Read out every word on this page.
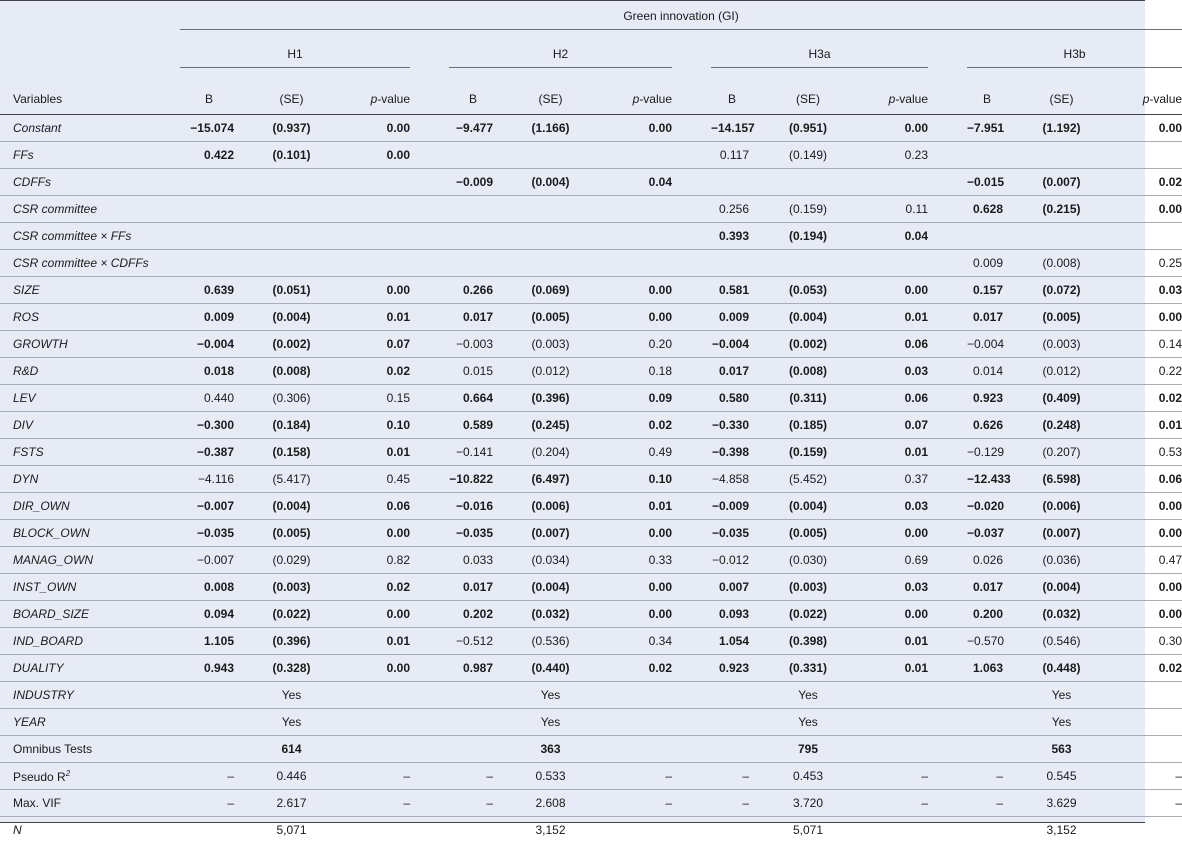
	Green innovation (GI)														

	H1				H2				H3a				H3b		

Variables	B	(SE)	p-value		B	(SE)	p-value		B	(SE)	p-value		B	(SE)	p-value
Constant	−15.074	(0.937)	0.00		−9.477	(1.166)	0.00		−14.157	(0.951)	0.00		−7.951	(1.192)	0.00
FFs	0.422	(0.101)	0.00						0.117	(0.149)	0.23				
CDFFs					−0.009	(0.004)	0.04						−0.015	(0.007)	0.02
CSR committee									0.256	(0.159)	0.11		0.628	(0.215)	0.00
CSR committee × FFs									0.393	(0.194)	0.04				
CSR committee × CDFFs													0.009	(0.008)	0.25
SIZE	0.639	(0.051)	0.00		0.266	(0.069)	0.00		0.581	(0.053)	0.00		0.157	(0.072)	0.03
ROS	0.009	(0.004)	0.01		0.017	(0.005)	0.00		0.009	(0.004)	0.01		0.017	(0.005)	0.00
GROWTH	−0.004	(0.002)	0.07		−0.003	(0.003)	0.20		−0.004	(0.002)	0.06		−0.004	(0.003)	0.14
R&D	0.018	(0.008)	0.02		0.015	(0.012)	0.18		0.017	(0.008)	0.03		0.014	(0.012)	0.22
LEV	0.440	(0.306)	0.15		0.664	(0.396)	0.09		0.580	(0.311)	0.06		0.923	(0.409)	0.02
DIV	−0.300	(0.184)	0.10		0.589	(0.245)	0.02		−0.330	(0.185)	0.07		0.626	(0.248)	0.01
FSTS	−0.387	(0.158)	0.01		−0.141	(0.204)	0.49		−0.398	(0.159)	0.01		−0.129	(0.207)	0.53
DYN	−4.116	(5.417)	0.45		−10.822	(6.497)	0.10		−4.858	(5.452)	0.37		−12.433	(6.598)	0.06
DIR_OWN	−0.007	(0.004)	0.06		−0.016	(0.006)	0.01		−0.009	(0.004)	0.03		−0.020	(0.006)	0.00
BLOCK_OWN	−0.035	(0.005)	0.00		−0.035	(0.007)	0.00		−0.035	(0.005)	0.00		−0.037	(0.007)	0.00
MANAG_OWN	−0.007	(0.029)	0.82		0.033	(0.034)	0.33		−0.012	(0.030)	0.69		0.026	(0.036)	0.47
INST_OWN	0.008	(0.003)	0.02		0.017	(0.004)	0.00		0.007	(0.003)	0.03		0.017	(0.004)	0.00
BOARD_SIZE	0.094	(0.022)	0.00		0.202	(0.032)	0.00		0.093	(0.022)	0.00		0.200	(0.032)	0.00
IND_BOARD	1.105	(0.396)	0.01		−0.512	(0.536)	0.34		1.054	(0.398)	0.01		−0.570	(0.546)	0.30
DUALITY	0.943	(0.328)	0.00		0.987	(0.440)	0.02		0.923	(0.331)	0.01		1.063	(0.448)	0.02
INDUSTRY		Yes				Yes				Yes				Yes	
YEAR		Yes				Yes				Yes				Yes	
Omnibus Tests		614				363				795				563	
Pseudo $R^2$	–	0.446	–		–	0.533	–		–	0.453	–		–	0.545	–
Max. VIF	–	2.617	–		–	2.608	–		–	3.720	–		–	3.629	–
N		5,071				3,152				5,071				3,152	
